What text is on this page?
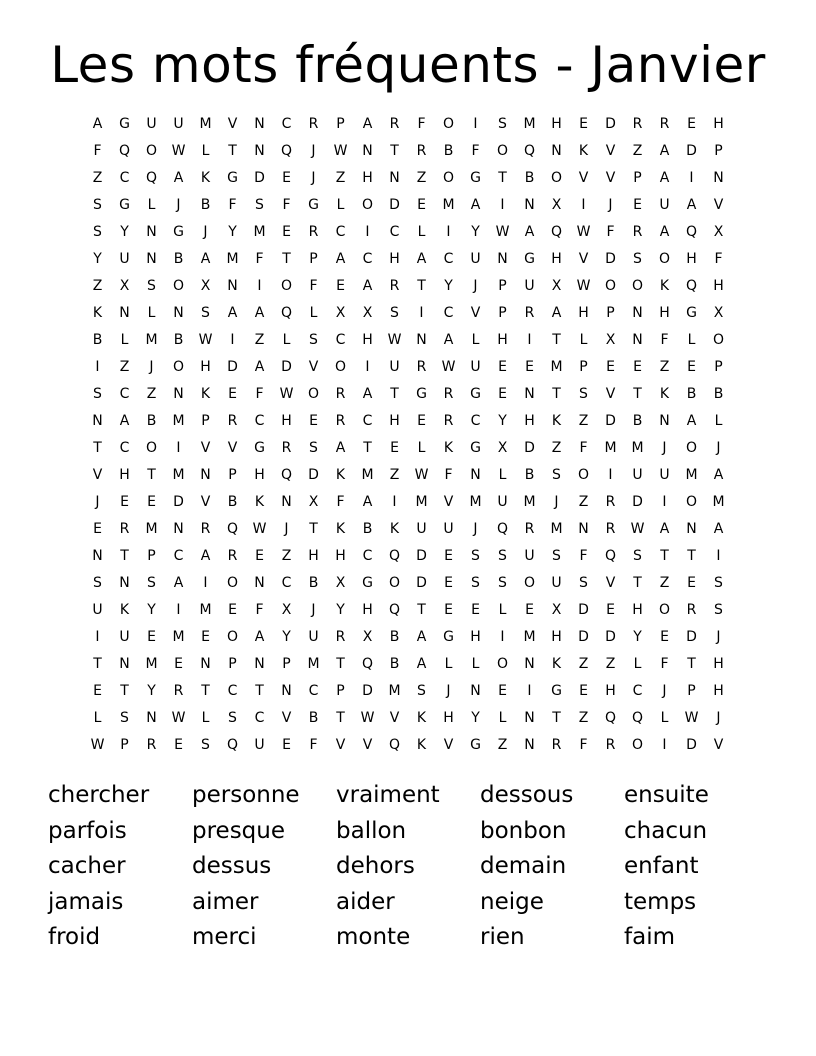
Les mots fréquents - Janvier
A	G	U	U	M	V	N	C	R	P	A	R	F	O	I	S	M	H	E	D	R	R	E	H
F	Q	O	W	L	T	N	Q	J	W	N	T	R	B	F	O	Q	N	K	V	Z	A	D	P
Z	C	Q	A	K	G	D	E	J	Z	H	N	Z	O	G	T	B	O	V	V	P	A	I	N
S	G	L	J	B	F	S	F	G	L	O	D	E	M	A	I	N	X	I	J	E	U	A	V
S	Y	N	G	J	Y	M	E	R	C	I	C	L	I	Y	W	A	Q	W	F	R	A	Q	X
Y	U	N	B	A	M	F	T	P	A	C	H	A	C	U	N	G	H	V	D	S	O	H	F
Z	X	S	O	X	N	I	O	F	E	A	R	T	Y	J	P	U	X	W	O	O	K	Q	H
K	N	L	N	S	A	A	Q	L	X	X	S	I	C	V	P	R	A	H	P	N	H	G	X
B	L	M	B	W	I	Z	L	S	C	H	W	N	A	L	H	I	T	L	X	N	F	L	O
I	Z	J	O	H	D	A	D	V	O	I	U	R	W	U	E	E	M	P	E	E	Z	E	P
S	C	Z	N	K	E	F	W	O	R	A	T	G	R	G	E	N	T	S	V	T	K	B	B
N	A	B	M	P	R	C	H	E	R	C	H	E	R	C	Y	H	K	Z	D	B	N	A	L
T	C	O	I	V	V	G	R	S	A	T	E	L	K	G	X	D	Z	F	M	M	J	O	J
V	H	T	M	N	P	H	Q	D	K	M	Z	W	F	N	L	B	S	O	I	U	U	M	A
J	E	E	D	V	B	K	N	X	F	A	I	M	V	M	U	M	J	Z	R	D	I	O	M
E	R	M	N	R	Q	W	J	T	K	B	K	U	U	J	Q	R	M	N	R	W	A	N	A
N	T	P	C	A	R	E	Z	H	H	C	Q	D	E	S	S	U	S	F	Q	S	T	T	I
S	N	S	A	I	O	N	C	B	X	G	O	D	E	S	S	O	U	S	V	T	Z	E	S
U	K	Y	I	M	E	F	X	J	Y	H	Q	T	E	E	L	E	X	D	E	H	O	R	S
I	U	E	M	E	O	A	Y	U	R	X	B	A	G	H	I	M	H	D	D	Y	E	D	J
T	N	M	E	N	P	N	P	M	T	Q	B	A	L	L	O	N	K	Z	Z	L	F	T	H
E	T	Y	R	T	C	T	N	C	P	D	M	S	J	N	E	I	G	E	H	C	J	P	H
L	S	N	W	L	S	C	V	B	T	W	V	K	H	Y	L	N	T	Z	Q	Q	L	W	J
W	P	R	E	S	Q	U	E	F	V	V	Q	K	V	G	Z	N	R	F	R	O	I	D	V
chercher	personne	vraiment	dessous	ensuite
parfois	presque	ballon	bonbon	chacun
cacher	dessus	dehors	demain	enfant
jamais	aimer	aider	neige	temps
froid	merci	monte	rien	faim
